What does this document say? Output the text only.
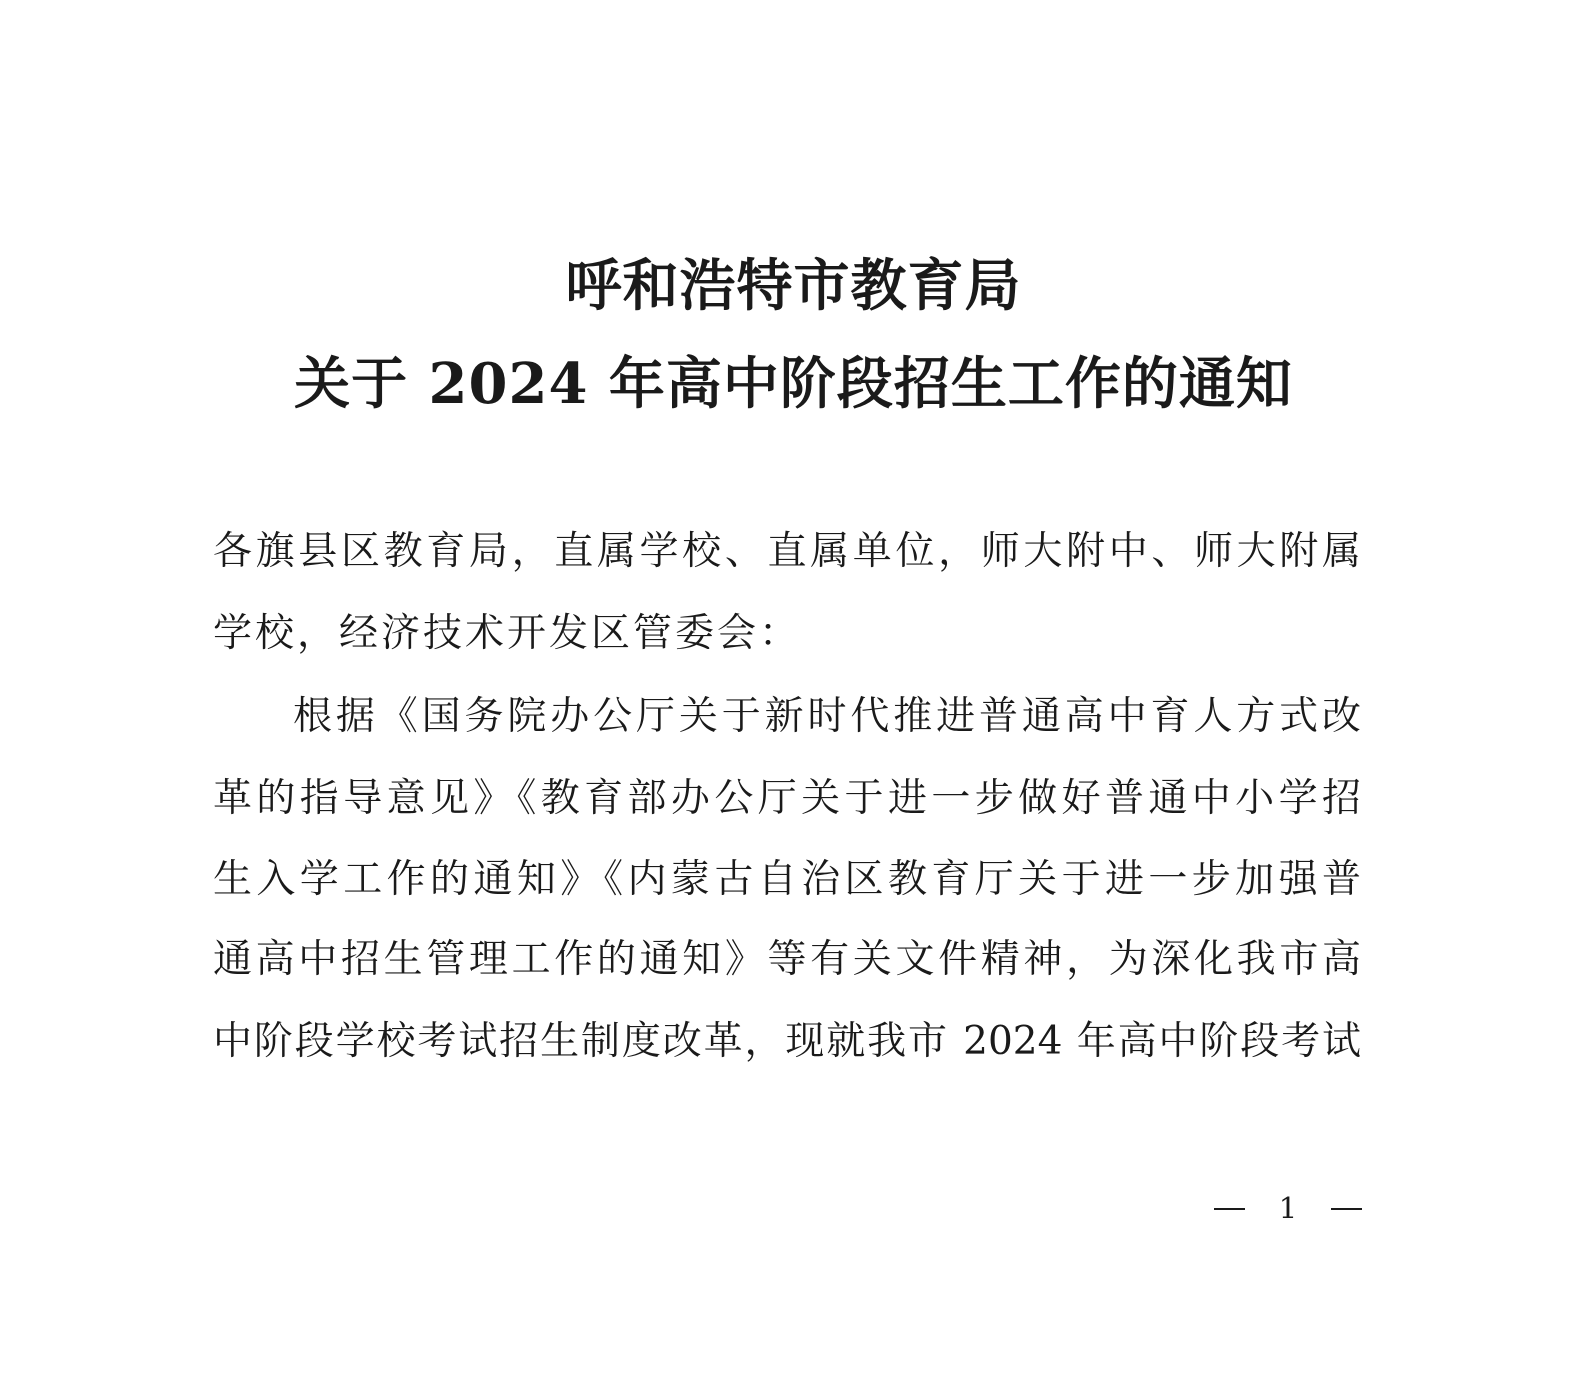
呼和浩特市教育局
关于 2024 年高中阶段招生工作的通知
各旗县区教育局，直属学校、直属单位，师大附中、师大附属
学校，经济技术开发区管委会：
根据《国务院办公厅关于新时代推进普通高中育人方式改
革的指导意见》《教育部办公厅关于进一步做好普通中小学招
生入学工作的通知》《内蒙古自治区教育厅关于进一步加强普
通高中招生管理工作的通知》等有关文件精神，为深化我市高
中阶段学校考试招生制度改革，现就我市 2024 年高中阶段考试
1
